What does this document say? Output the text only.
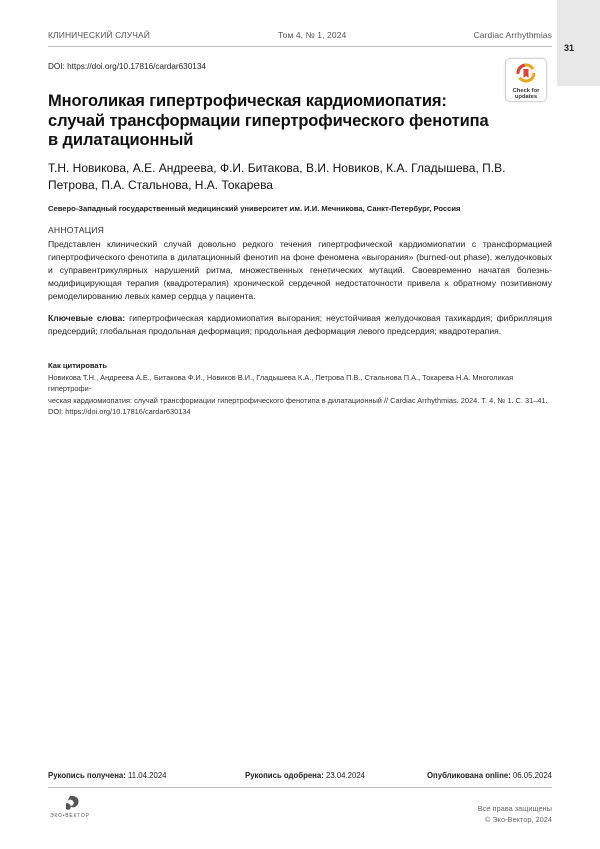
КЛИНИЧЕСКИЙ СЛУЧАЙ	Том 4, № 1, 2024	Cardiac Arrhythmias
31
DOI: https://doi.org/10.17816/cardar630134
Check for
updates
Многоликая гипертрофическая кардиомиопатия: случай трансформации гипертрофического фенотипа в дилатационный
Т.Н. Новикова, А.Е. Андреева, Ф.И. Битакова, В.И. Новиков, К.А. Гладышева, П.В. Петрова, П.А. Стальнова, Н.А. Токарева
Северо-Западный государственный медицинский университет им. И.И. Мечникова, Санкт-Петербург, Россия
АННОТАЦИЯ
Представлен клинический случай довольно редкого течения гипертрофической кардиомиопатии с трансформацией гипертрофического фенотипа в дилатационный фенотип на фоне феномена «выгорания» (burned-out phase), желудочковых и суправентрикулярных нарушений ритма, множественных генетических мутаций. Своевременно начатая болезнь-модифицирующая терапия (квадротерапия) хронической сердечной недостаточности привела к обратному позитивному ремоделированию левых камер сердца у пациента.
Ключевые слова: гипертрофическая кардиомиопатия выгорания; неустойчивая желудочковая тахикардия; фибрилляция предсердий; глобальная продольная деформация; продольная деформация левого предсердия; квадротерапия.
Как цитировать
Новикова Т.Н., Андреева А.Е., Битакова Ф.И., Новиков В.И., Гладышева К.А., Петрова П.В., Стальнова П.А., Токарева Н.А. Многоликая гипертрофи-
ческая кардиомиопатия: случай трансформации гипертрофического фенотипа в дилатационный // Cardiac Arrhythmias. 2024. Т. 4, № 1. С. 31–41.
DOI: https://doi.org/10.17816/cardar630134
Рукопись получена: 11.04.2024	Рукопись одобрена: 23.04.2024	Опубликована online: 06.05.2024
ЭКО•ВЕКТОР
Все права защищены
© Эко-Вектор, 2024
